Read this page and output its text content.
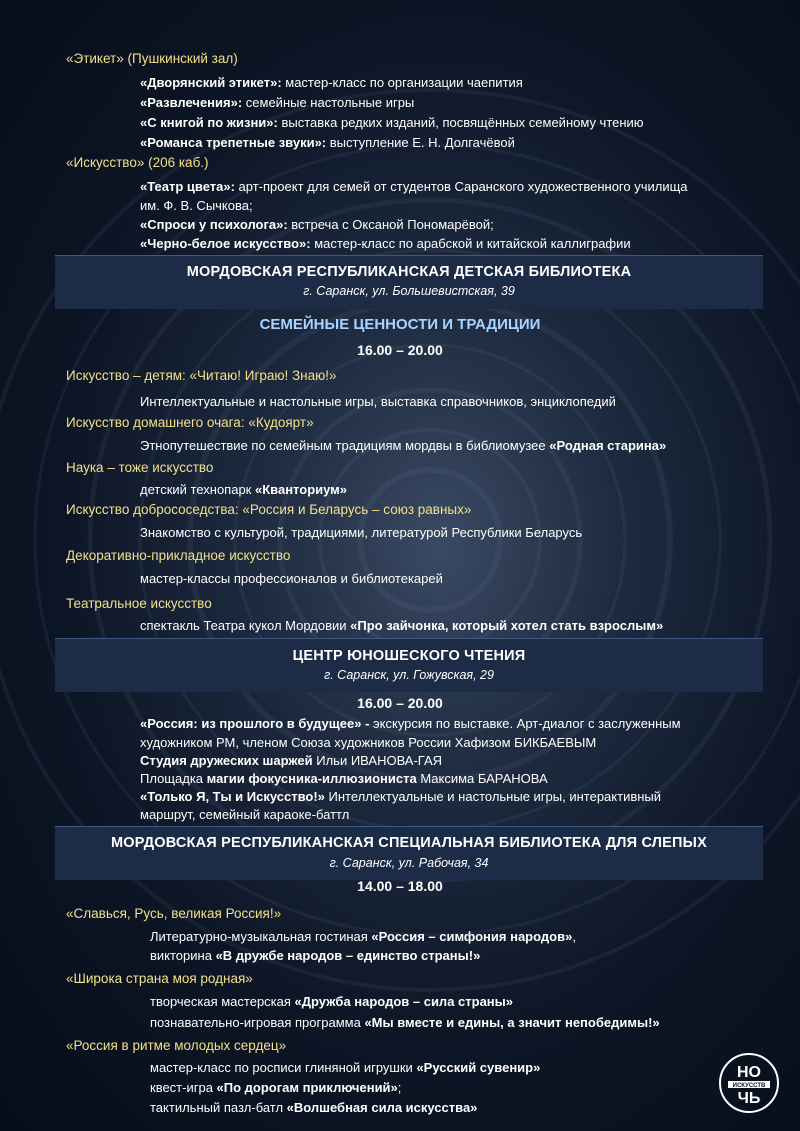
«Этикет» (Пушкинский зал)
«Дворянский этикет»: мастер-класс по организации чаепития
«Развлечения»: семейные настольные игры
«С книгой по жизни»: выставка редких изданий, посвящённых семейному чтению
«Романса трепетные звуки»: выступление Е. Н. Долгачёвой
«Искусство» (206 каб.)
«Театр цвета»: арт-проект для семей от студентов Саранского художественного училища
им. Ф. В. Сычкова;
«Спроси у психолога»: встреча с Оксаной Пономарёвой;
«Черно-белое искусство»: мастер-класс по арабской и китайской каллиграфии
МОРДОВСКАЯ РЕСПУБЛИКАНСКАЯ ДЕТСКАЯ БИБЛИОТЕКА
г. Саранск, ул. Большевистская, 39
СЕМЕЙНЫЕ ЦЕННОСТИ И ТРАДИЦИИ
16.00 – 20.00
Искусство – детям: «Читаю! Играю! Знаю!»
Интеллектуальные и настольные игры, выставка справочников, энциклопедий
Искусство домашнего очага: «Кудоярт»
Этнопутешествие по семейным традициям мордвы в библиомузее «Родная старина»
Наука – тоже искусство
детский технопарк «Кванториум»
Искусство добрососедства: «Россия и Беларусь – союз равных»
Знакомство с культурой, традициями, литературой Республики Беларусь
Декоративно-прикладное искусство
мастер-классы профессионалов и библиотекарей
Театральное искусство
спектакль Театра кукол Мордовии «Про зайчонка, который хотел стать взрослым»
ЦЕНТР ЮНОШЕСКОГО ЧТЕНИЯ
г. Саранск, ул. Гожувская, 29
16.00 – 20.00
«Россия: из прошлого в будущее» - экскурсия по выставке. Арт-диалог с заслуженным
художником РМ, членом Союза художников России Хафизом БИКБАЕВЫМ
Студия дружеских шаржей Ильи ИВАНОВА-ГАЯ
Площадка магии фокусника-иллюзиониста Максима БАРАНОВА
«Только Я, Ты и Искусство!» Интеллектуальные и настольные игры, интерактивный
маршрут, семейный караоке-баттл
МОРДОВСКАЯ РЕСПУБЛИКАНСКАЯ СПЕЦИАЛЬНАЯ БИБЛИОТЕКА ДЛЯ СЛЕПЫХ
г. Саранск, ул. Рабочая, 34
14.00 – 18.00
«Славься, Русь, великая Россия!»
Литературно-музыкальная гостиная «Россия – симфония народов»,
викторина «В дружбе народов – единство страны!»
«Широка страна моя родная»
творческая мастерская «Дружба народов – сила страны»
познавательно-игровая программа «Мы вместе и едины, а значит непобедимы!»
«Россия в ритме молодых сердец»
мастер-класс по росписи глиняной игрушки «Русский сувенир»
квест-игра «По дорогам приключений»;
тактильный пазл-батл «Волшебная сила искусства»
НО
ИСКУССТВ
ЧЬ
